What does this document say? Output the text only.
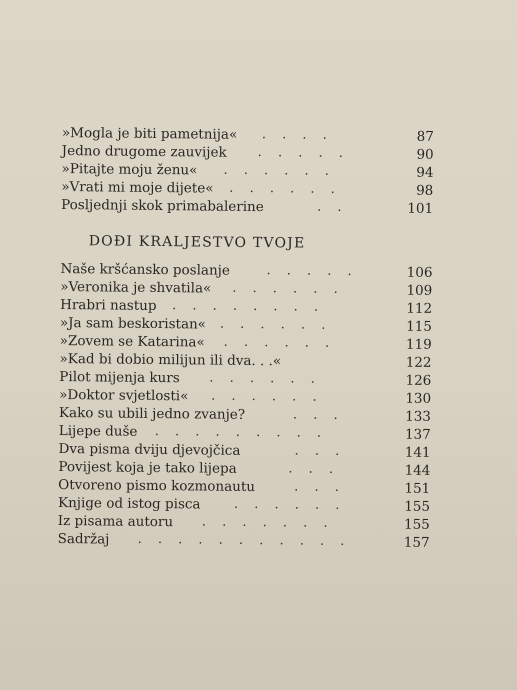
»Mogla je biti pametnija« . . . .	87
Jedno drugome zauvijek . . . . .	90
»Pitajte moju ženu« . . . . . .	94
»Vrati mi moje dijete« . . . . . .	98
Posljednji skok primabalerine	. .	101
DOĐI KRALJESTVO TVOJE
Naše kršćansko poslanje	. . . . .	106
»Veronika je shvatila« . . . . . .	109
Hrabri nastup . . . . . . . .	112
»Ja sam beskoristan« . . . . . .	115
»Zovem se Katarina« . . . . . .	119
»Kad bi dobio milijun ili dva. . .«	122
Pilot mijenja kurs . . . . . .	126
»Doktor svjetlosti« . . . . . .	130
Kako su ubili jedno zvanje?	. . .	133
Lijepe duše . . . . . . . . .	137
Dva pisma dviju djevojčica	. . .	141
Povijest koja je tako lijepa	. . .	144
Otvoreno pismo kozmonautu	. . .	151
Knjige od istog pisca	. . . . . .	155
Iz pisama autoru . . . . . . .	155
Sadržaj . . . . . . . . . . .	157
